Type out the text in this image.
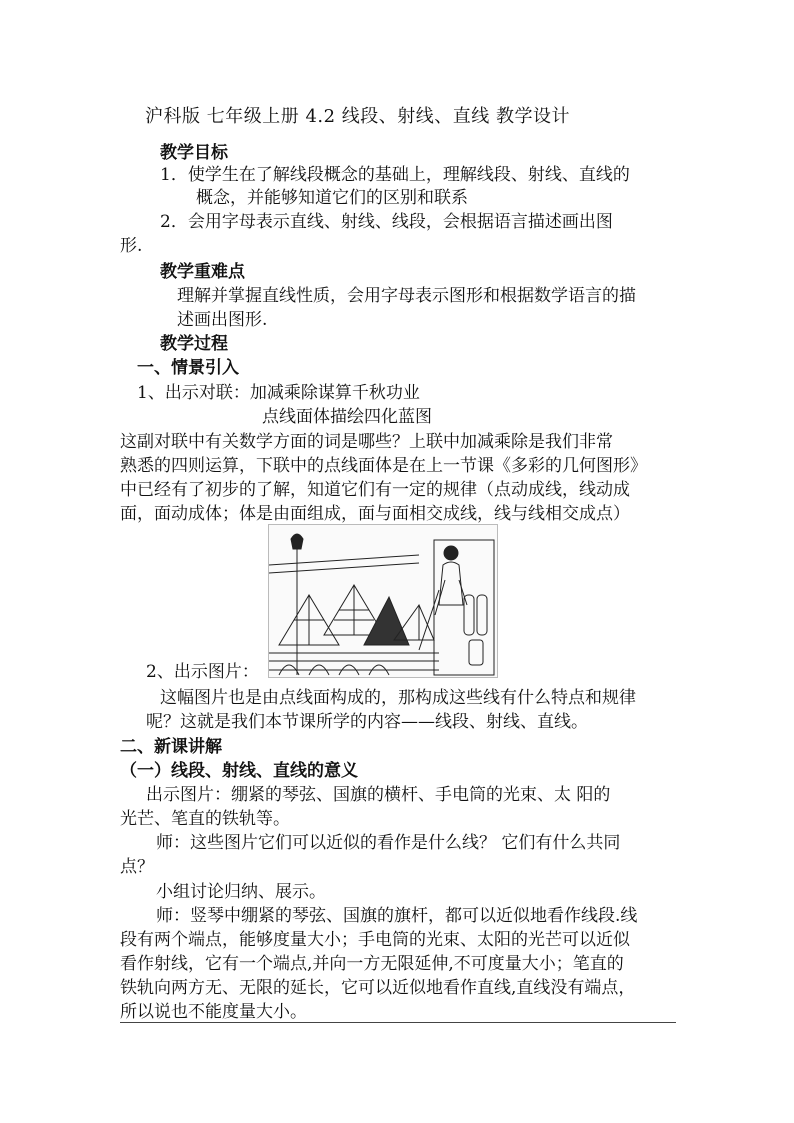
沪科版 七年级上册 4.2 线段、射线、直线 教学设计
教学目标
1．使学生在了解线段概念的基础上，理解线段、射线、直线的
概念，并能够知道它们的区别和联系
2．会用字母表示直线、射线、线段，会根据语言描述画出图
形.
教学重难点
理解并掌握直线性质，会用字母表示图形和根据数学语言的描
述画出图形.
教学过程
一、情景引入
1、出示对联：加减乘除谋算千秋功业
点线面体描绘四化蓝图
这副对联中有关数学方面的词是哪些？上联中加减乘除是我们非常
熟悉的四则运算，下联中的点线面体是在上一节课《多彩的几何图形》
中已经有了初步的了解，知道它们有一定的规律（点动成线，线动成
面，面动成体；体是由面组成，面与面相交成线，线与线相交成点）
2、出示图片：
这幅图片也是由点线面构成的，那构成这些线有什么特点和规律
呢？这就是我们本节课所学的内容——线段、射线、直线。
二、新课讲解
（一）线段、射线、直线的意义
出示图片：绷紧的琴弦、国旗的横杆、手电筒的光束、太 阳的
光芒、笔直的铁轨等。
师：这些图片它们可以近似的看作是什么线？ 它们有什么共同
点？
小组讨论归纳、展示。
师：竖琴中绷紧的琴弦、国旗的旗杆，都可以近似地看作线段.线
段有两个端点，能够度量大小；手电筒的光束、太阳的光芒可以近似
看作射线，它有一个端点,并向一方无限延伸,不可度量大小；笔直的
铁轨向两方无、无限的延长，它可以近似地看作直线,直线没有端点，
所以说也不能度量大小。
